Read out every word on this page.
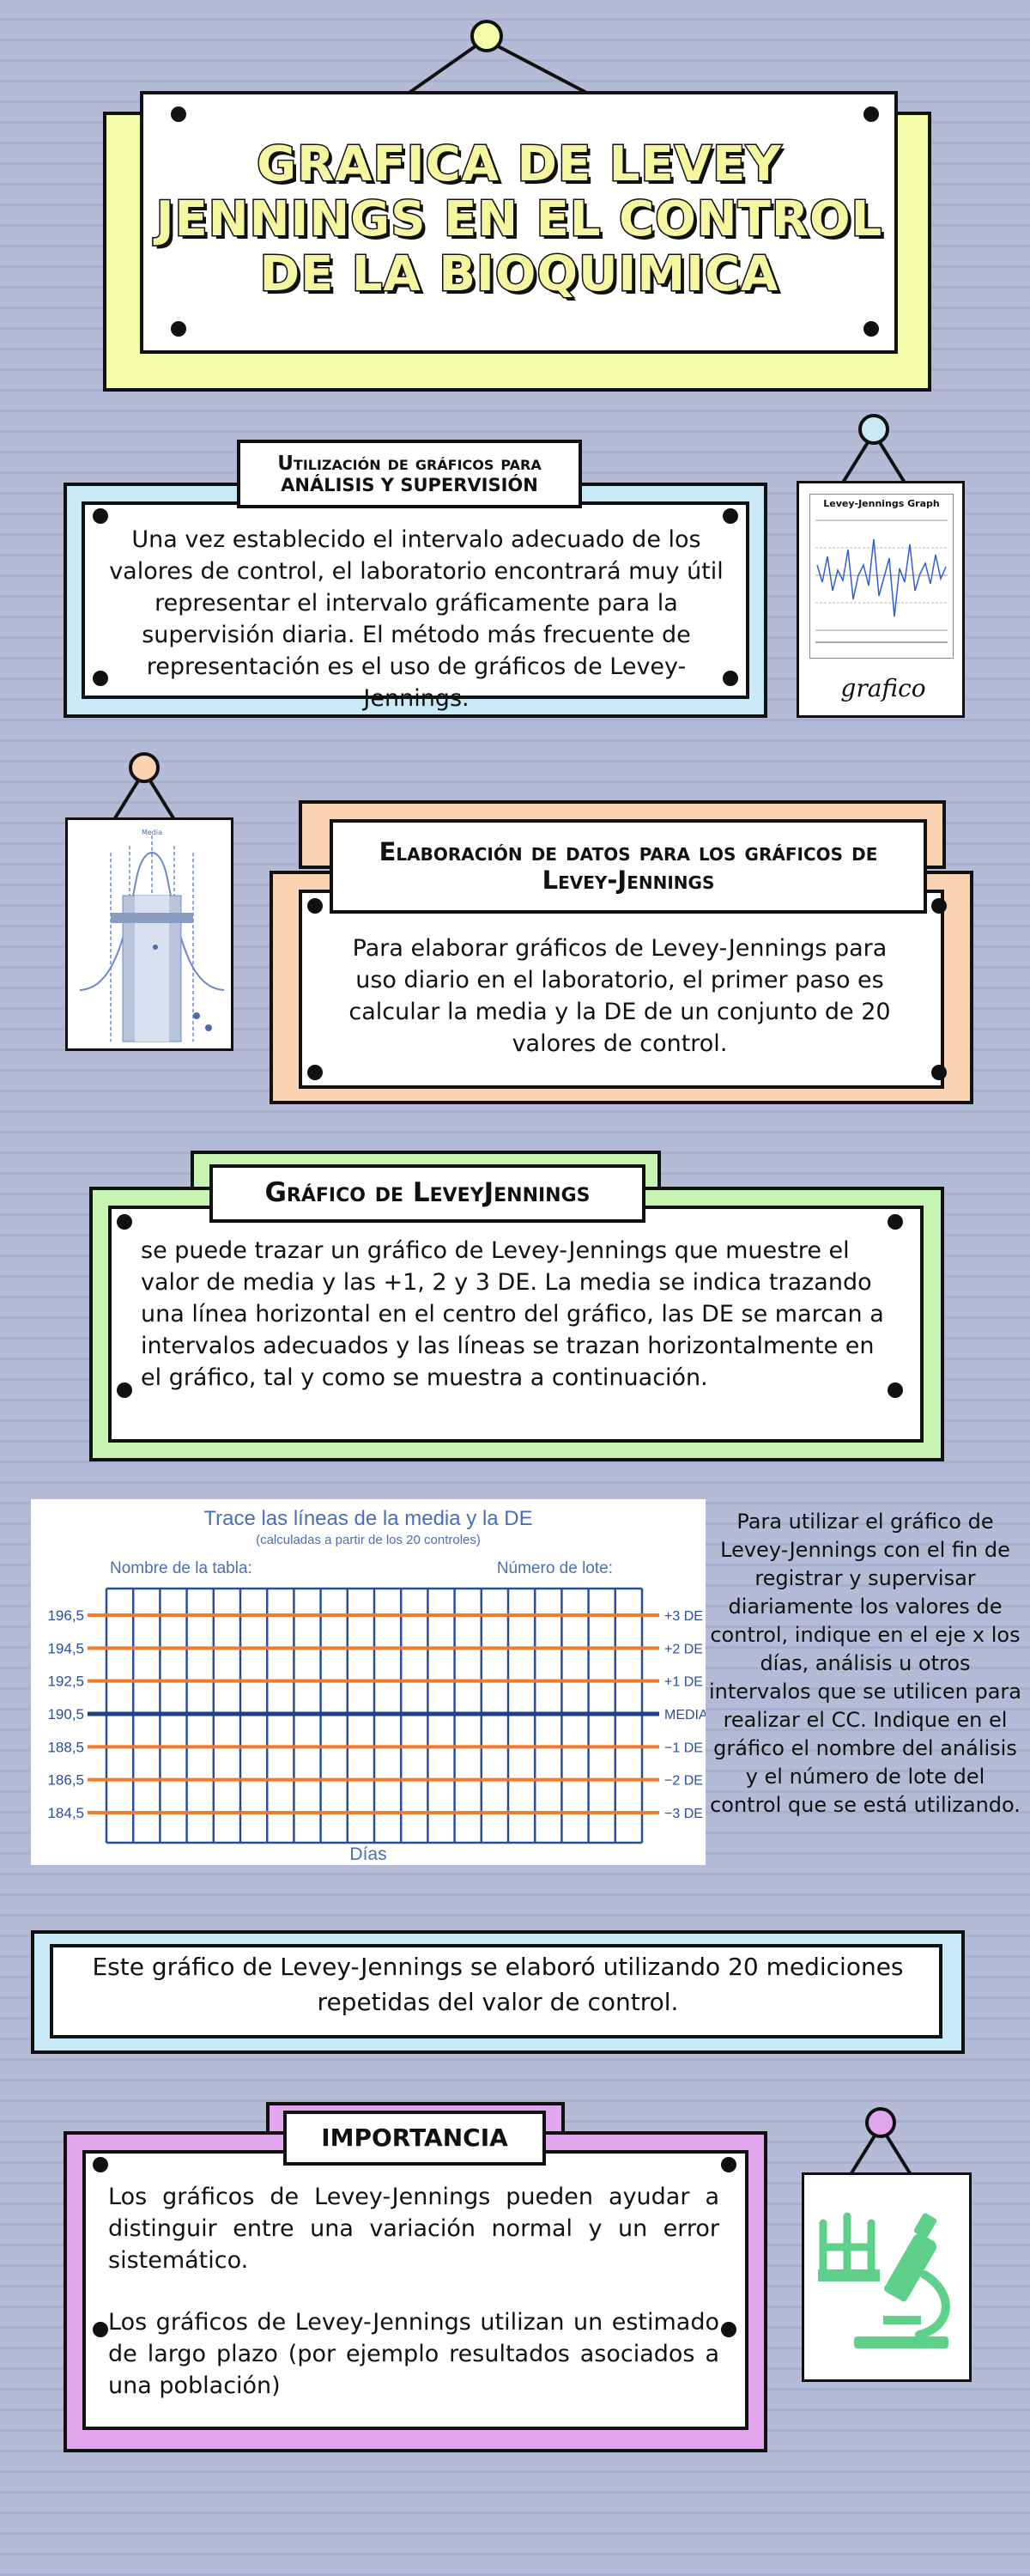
GRAFICA DE LEVEY
JENNINGS EN EL CONTROL
DE LA BIOQUIMICA
Utilización de gráficos para
ANÁLISIS Y SUPERVISIÓN
Una vez establecido el intervalo adecuado de los valores de control, el laboratorio encontrará muy útil representar el intervalo gráficamente para la supervisión diaria. El método más frecuente de representación es el uso de gráficos de Levey-Jennings.
Levey-Jennings Graph
grafico
Media
Elaboración de datos para los gráficos de
Levey-Jennings
Para elaborar gráficos de Levey-Jennings para uso diario en el laboratorio, el primer paso es calcular la media y la DE de un conjunto de 20 valores de control.
Gráfico de LeveyJennings
se puede trazar un gráfico de Levey-Jennings que muestre el valor de media y las +1, 2 y 3 DE. La media se indica trazando una línea horizontal en el centro del gráfico, las DE se marcan a intervalos adecuados y las líneas se trazan horizontalmente en el gráfico, tal y como se muestra a continuación.
Trace las líneas de la media y la DE
(calculadas a partir de los 20 controles)
Nombre de la tabla:	Número de lote:
196,5	+3 DE
194,5	+2 DE
192,5	+1 DE
190,5	MEDIA
188,5	−1 DE
186,5	−2 DE
184,5	−3 DE
Días
Para utilizar el gráfico de Levey-Jennings con el fin de registrar y supervisar diariamente los valores de control, indique en el eje x los días, análisis u otros intervalos que se utilicen para realizar el CC. Indique en el gráfico el nombre del análisis y el número de lote del control que se está utilizando.
Este gráfico de Levey-Jennings se elaboró utilizando 20 mediciones repetidas del valor de control.
IMPORTANCIA
Los gráficos de Levey-Jennings pueden ayudar a distinguir entre una variación normal y un error sistemático.
Los gráficos de Levey-Jennings utilizan un estimado de largo plazo (por ejemplo resultados asociados a una población)
